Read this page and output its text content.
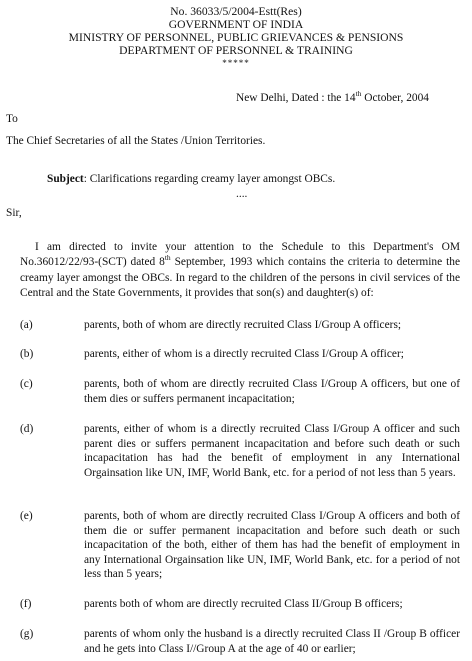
No. 36033/5/2004-Estt(Res)
GOVERNMENT OF INDIA
MINISTRY OF PERSONNEL, PUBLIC GRIEVANCES & PENSIONS
DEPARTMENT OF PERSONNEL & TRAINING
*****
New Delhi, Dated : the 14th October, 2004
To
The Chief Secretaries of all the States /Union Territories.
Subject: Clarifications regarding creamy layer amongst OBCs.
....
Sir,
I am directed to invite your attention to the Schedule to this Department's OM No.36012/22/93-(SCT) dated 8th September, 1993 which contains the criteria to determine the creamy layer amongst the OBCs. In regard to the children of the persons in civil services of the Central and the State Governments, it provides that son(s) and daughter(s) of:
(a)	parents, both of whom are directly recruited Class I/Group A officers;
(b)	parents, either of whom is a directly recruited Class I/Group A officer;
(c)	parents, both of whom are directly recruited Class I/Group A officers, but one of them dies or suffers permanent incapacitation;
(d)	parents, either of whom is a directly recruited Class I/Group A officer and such parent dies or suffers permanent incapacitation and before such death or such incapacitation has had the benefit of employment in any International Orgainsation like UN, IMF, World Bank, etc. for a period of not less than 5 years.
(e)	parents, both of whom are directly recruited Class I/Group A officers and both of them die or suffer permanent incapacitation and before such death or such incapacitation of the both, either of them has had the benefit of employment in any International Orgainsation like UN, IMF, World Bank, etc. for a period of not less than 5 years;
(f)	parents both of whom are directly recruited Class II/Group B officers;
(g)	parents of whom only the husband is a directly recruited Class II /Group B officer and he gets into Class I//Group A at the age of 40 or earlier;
